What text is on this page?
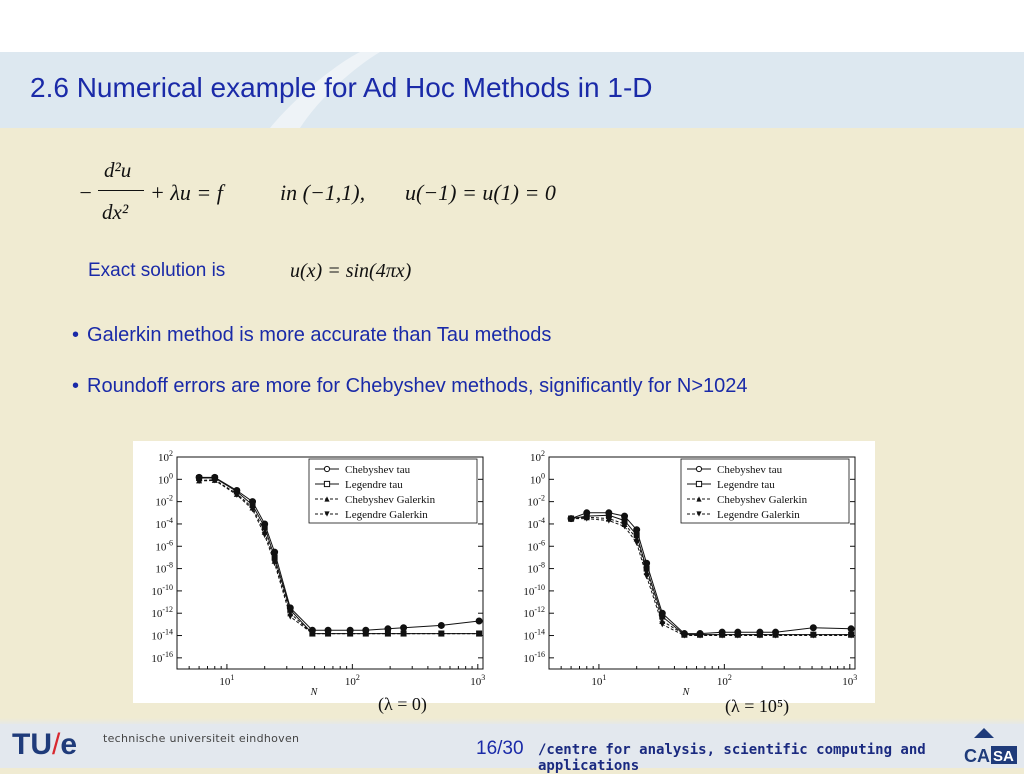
2.6 Numerical example for Ad Hoc Methods in 1-D
−
d²u
dx²
+ λu = f	in (−1,1), u(−1) = u(1) = 0
Exact solution is	u(x) = sin(4πx)
• Galerkin method is more accurate than Tau methods
• Roundoff errors are more for Chebyshev methods, significantly for N>1024
$10^2$
$10^0$
$10^{-2}$
$10^{-4}$
$10^{-6}$
$10^{-8}$
$10^{-10}$
$10^{-12}$
$10^{-14}$
$10^{-16}$
$10^1$	$10^2$	$10^3$
N
Chebyshev tau
Legendre tau
Chebyshev Galerkin
Legendre Galerkin
$10^2$
$10^0$
$10^{-2}$
$10^{-4}$
$10^{-6}$
$10^{-8}$
$10^{-10}$
$10^{-12}$
$10^{-14}$
$10^{-16}$
$10^1$	$10^2$	$10^3$
N
Chebyshev tau
Legendre tau
Chebyshev Galerkin
Legendre Galerkin
(λ = 0)	(λ = 10⁵)
TU/e technische universiteit eindhoven	16/30 /centre for analysis, scientific computing and applications	CA SA
